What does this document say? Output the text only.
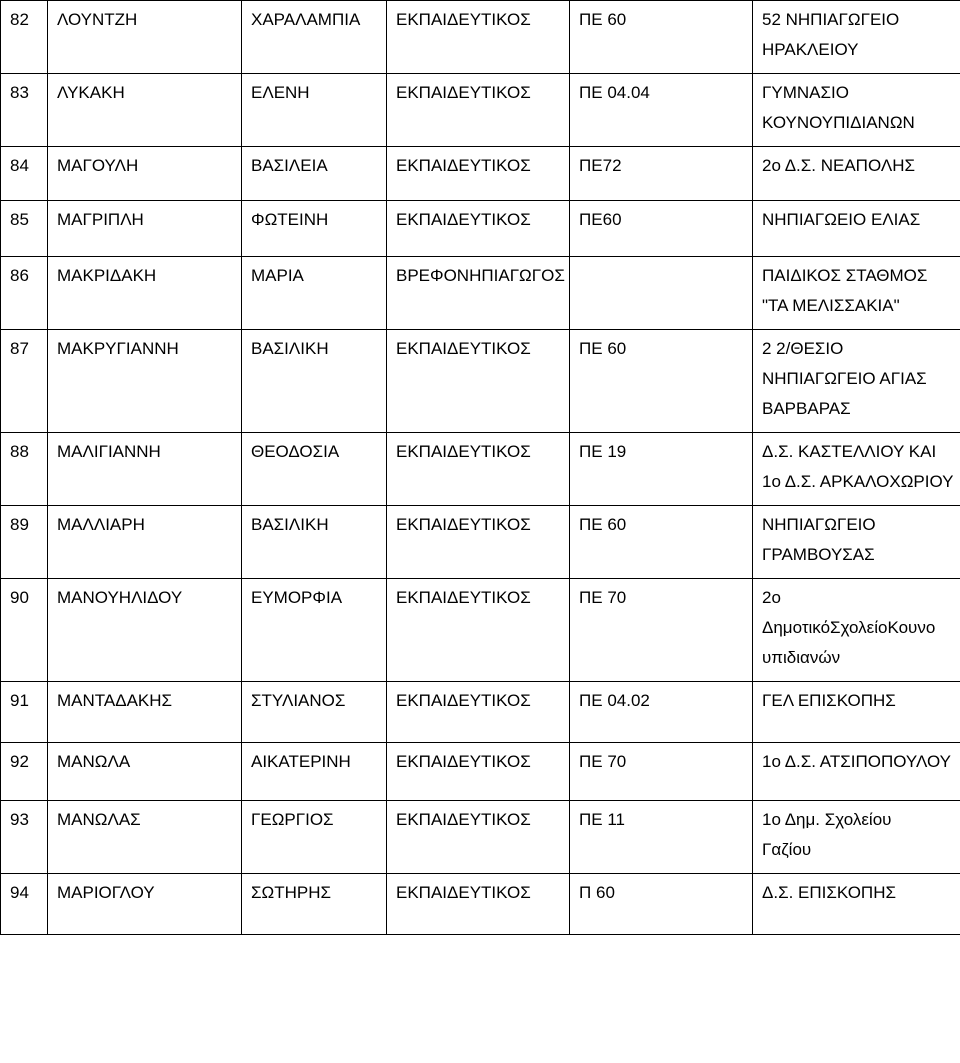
82	ΛΟΥΝΤΖΗ	ΧΑΡΑΛΑΜΠΙΑ	ΕΚΠΑΙΔΕΥΤΙΚΟΣ	ΠΕ 60	52 ΝΗΠΙΑΓΩΓΕΙΟ
ΗΡΑΚΛΕΙΟΥ
83	ΛΥΚΑΚΗ	ΕΛΕΝΗ	ΕΚΠΑΙΔΕΥΤΙΚΟΣ	ΠΕ 04.04	ΓΥΜΝΑΣΙΟ
ΚΟΥΝΟΥΠΙΔΙΑΝΩΝ
84	ΜΑΓΟΥΛΗ	ΒΑΣΙΛΕΙΑ	ΕΚΠΑΙΔΕΥΤΙΚΟΣ	ΠΕ72	2ο Δ.Σ. ΝΕΑΠΟΛΗΣ
85	ΜΑΓΡΙΠΛΗ	ΦΩΤΕΙΝΗ	ΕΚΠΑΙΔΕΥΤΙΚΟΣ	ΠΕ60	ΝΗΠΙΑΓΩΕΙΟ ΕΛΙΑΣ
86	ΜΑΚΡΙΔΑΚΗ	ΜΑΡΙΑ	ΒΡΕΦΟΝΗΠΙΑΓΩΓΟΣ		ΠΑΙΔΙΚΟΣ ΣΤΑΘΜΟΣ
"ΤΑ ΜΕΛΙΣΣΑΚΙΑ"
87	ΜΑΚΡΥΓΙΑΝΝΗ	ΒΑΣΙΛΙΚΗ	ΕΚΠΑΙΔΕΥΤΙΚΟΣ	ΠΕ 60	2 2/ΘΕΣΙΟ
ΝΗΠΙΑΓΩΓΕΙΟ ΑΓΙΑΣ
ΒΑΡΒΑΡΑΣ
88	ΜΑΛΙΓΙΑΝΝΗ	ΘΕΟΔΟΣΙΑ	ΕΚΠΑΙΔΕΥΤΙΚΟΣ	ΠΕ 19	Δ.Σ. ΚΑΣΤΕΛΛΙΟΥ ΚΑΙ
1ο Δ.Σ. ΑΡΚΑΛΟΧΩΡΙΟΥ
89	ΜΑΛΛΙΑΡΗ	ΒΑΣΙΛΙΚΗ	ΕΚΠΑΙΔΕΥΤΙΚΟΣ	ΠΕ 60	ΝΗΠΙΑΓΩΓΕΙΟ
ΓΡΑΜΒΟΥΣΑΣ
90	ΜΑΝΟΥΗΛΙΔΟΥ	ΕΥΜΟΡΦΙΑ	ΕΚΠΑΙΔΕΥΤΙΚΟΣ	ΠΕ 70	2ο
ΔημοτικόΣχολείοΚουνο
υπιδιανών
91	ΜΑΝΤΑΔΑΚΗΣ	ΣΤΥΛΙΑΝΟΣ	ΕΚΠΑΙΔΕΥΤΙΚΟΣ	ΠΕ 04.02	ΓΕΛ ΕΠΙΣΚΟΠΗΣ
92	ΜΑΝΩΛΑ	ΑΙΚΑΤΕΡΙΝΗ	ΕΚΠΑΙΔΕΥΤΙΚΟΣ	ΠΕ 70	1ο Δ.Σ. ΑΤΣΙΠΟΠΟΥΛΟΥ
93	ΜΑΝΩΛΑΣ	ΓΕΩΡΓΙΟΣ	ΕΚΠΑΙΔΕΥΤΙΚΟΣ	ΠΕ 11	1ο Δημ. Σχολείου
Γαζίου
94	ΜΑΡΙΟΓΛΟΥ	ΣΩΤΗΡΗΣ	ΕΚΠΑΙΔΕΥΤΙΚΟΣ	Π 60	Δ.Σ. ΕΠΙΣΚΟΠΗΣ
